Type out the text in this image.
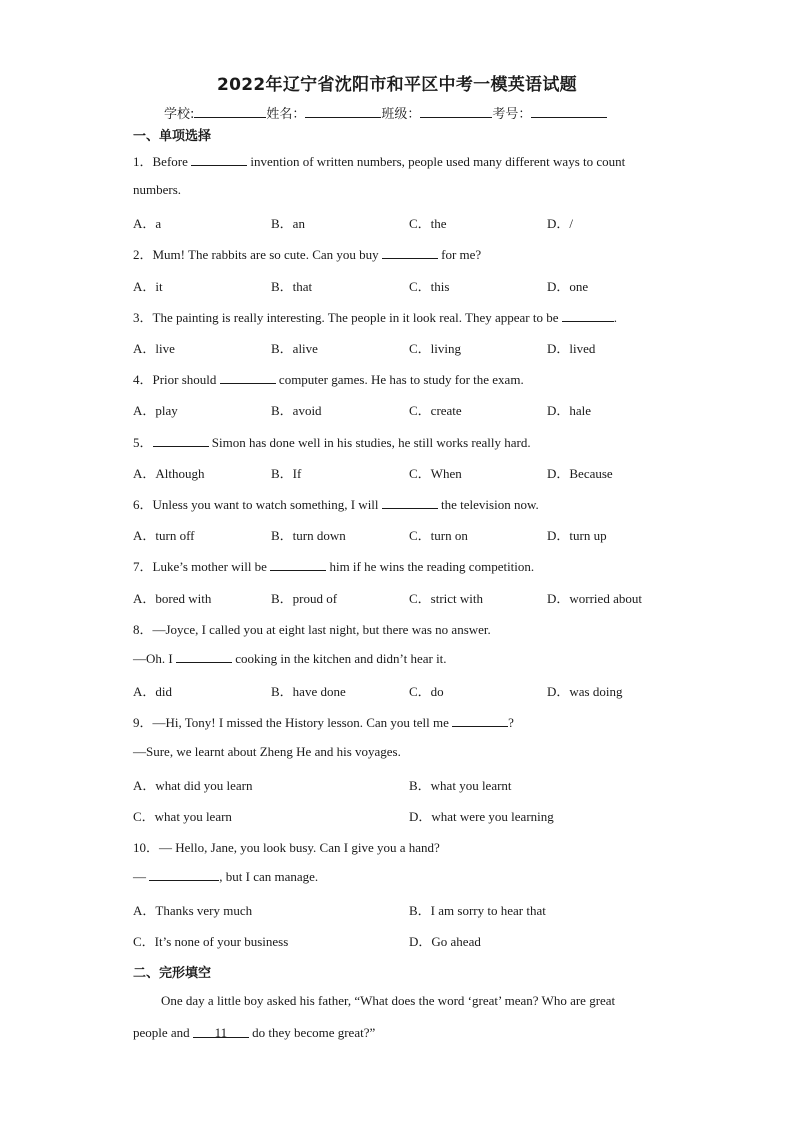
2022年辽宁省沈阳市和平区中考一模英语试题
学校:	姓名：	班级：	考号：
一、单项选择
1．Before	invention of written numbers, people used many different ways to count
numbers.
A．a	B．an	C．the	D．/
2．Mum! The rabbits are so cute. Can you buy	for me?
A．it	B．that	C．this	D．one
3．The painting is really interesting. The people in it look real. They appear to be	.
A．live	B．alive	C．living	D．lived
4．Prior should	computer games. He has to study for the exam.
A．play	B．avoid	C．create	D．hale
5．	Simon has done well in his studies, he still works really hard.
A．Although	B．If	C．When	D．Because
6．Unless you want to watch something, I will	the television now.
A．turn off	B．turn down	C．turn on	D．turn up
7．Luke’s mother will be	him if he wins the reading competition.
A．bored with	B．proud of	C．strict with	D．worried about
8．—Joyce, I called you at eight last night, but there was no answer.
—Oh. I	cooking in the kitchen and didn’t hear it.
A．did	B．have done	C．do	D．was doing
9．—Hi, Tony! I missed the History lesson. Can you tell me	?
—Sure, we learnt about Zheng He and his voyages.
A．what did you learn	B．what you learnt
C．what you learn	D．what were you learning
10．— Hello, Jane, you look busy. Can I give you a hand?
—	, but I can manage.
A．Thanks very much	B．I am sorry to hear that
C．It’s none of your business	D．Go ahead
二、完形填空
One day a little boy asked his father, “What does the word ‘great’ mean? Who are great
people and 11 do they become great?”
